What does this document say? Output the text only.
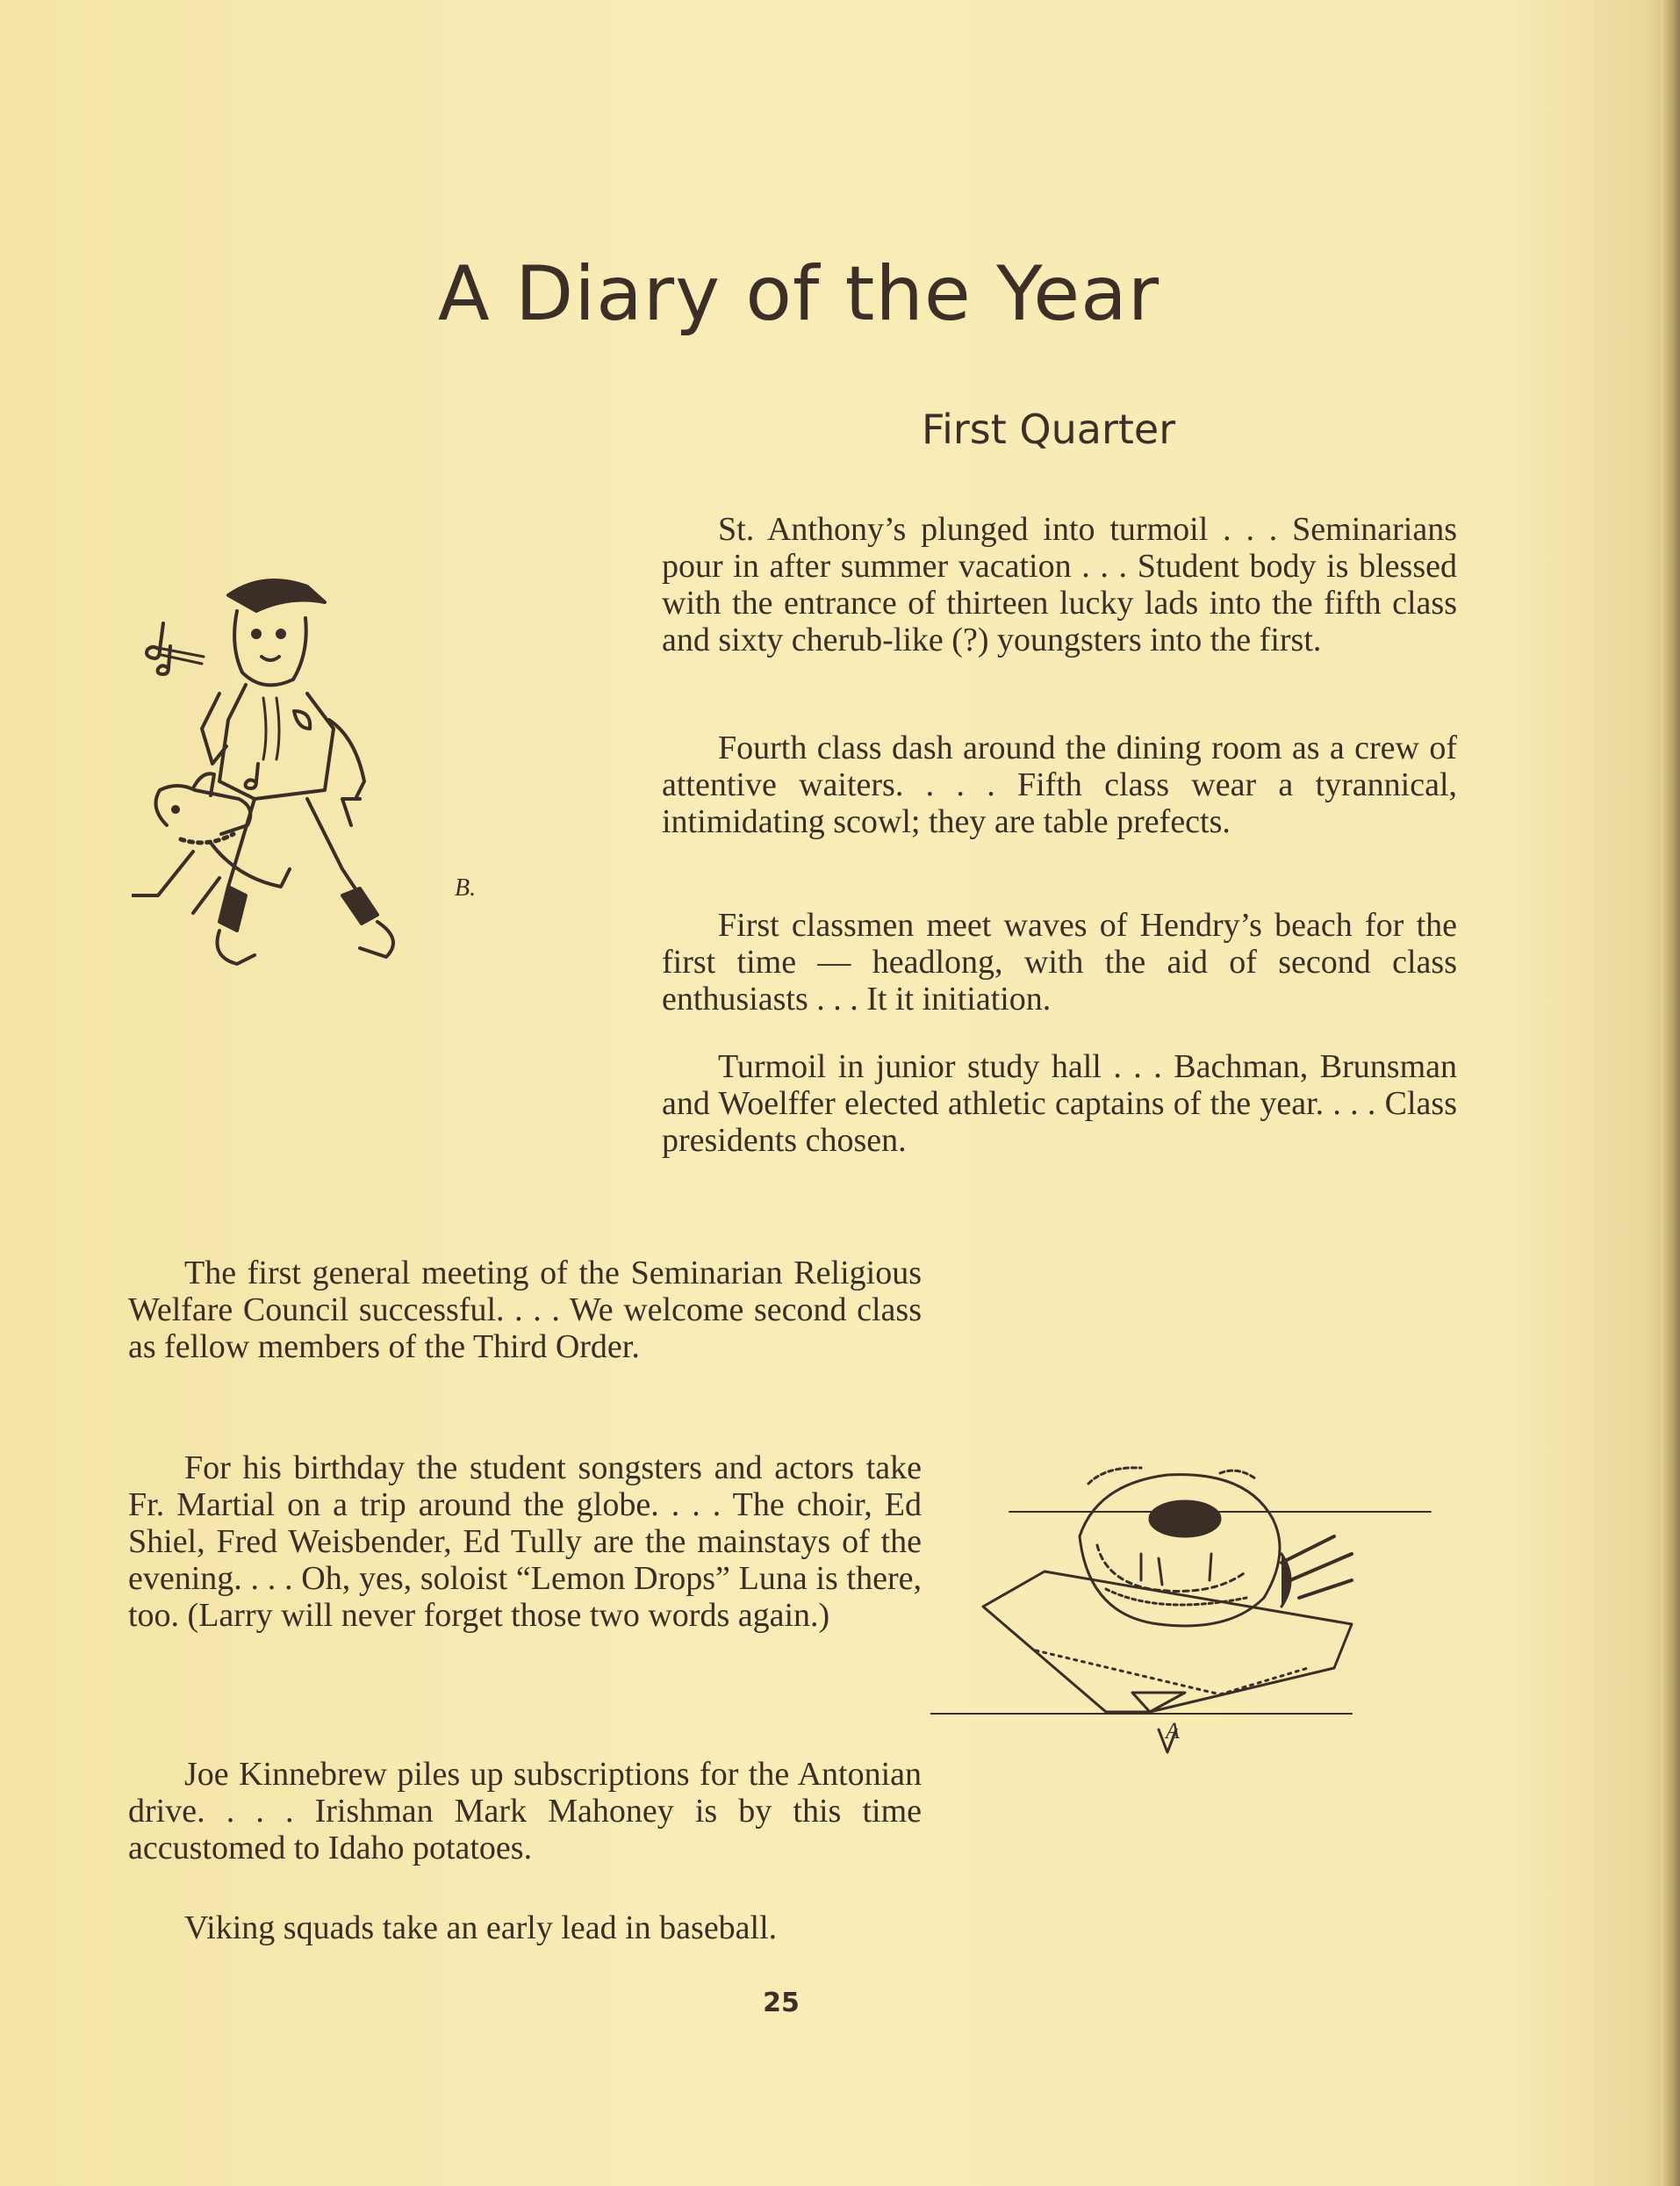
A Diary of the Year
First Quarter

St. Anthony’s plunged into turmoil . . . Seminarians pour in after summer vacation . . . Student body is blessed with the entrance of thirteen lucky lads into the fifth class and sixty cherub-like (?) youngsters into the first.

Fourth class dash around the dining room as a crew of attentive waiters. . . . Fifth class wear a tyrannical, intimidating scowl; they are table prefects.

First classmen meet waves of Hendry’s beach for the first time — headlong, with the aid of second class enthusiasts . . . It it initiation.

Turmoil in junior study hall . . . Bachman, Brunsman and Woelffer elected athletic captains of the year. . . . Class presidents chosen.

The first general meeting of the Seminarian Religious Welfare Council successful. . . . We welcome second class as fellow members of the Third Order.

For his birthday the student songsters and actors take Fr. Martial on a trip around the globe. . . . The choir, Ed Shiel, Fred Weisbender, Ed Tully are the mainstays of the evening. . . . Oh, yes, soloist “Lemon Drops” Luna is there, too. (Larry will never forget those two words again.)

Joe Kinnebrew piles up subscriptions for the Antonian drive. . . . Irishman Mark Mahoney is by this time accustomed to Idaho potatoes.

Viking squads take an early lead in baseball.

25
B.
A
